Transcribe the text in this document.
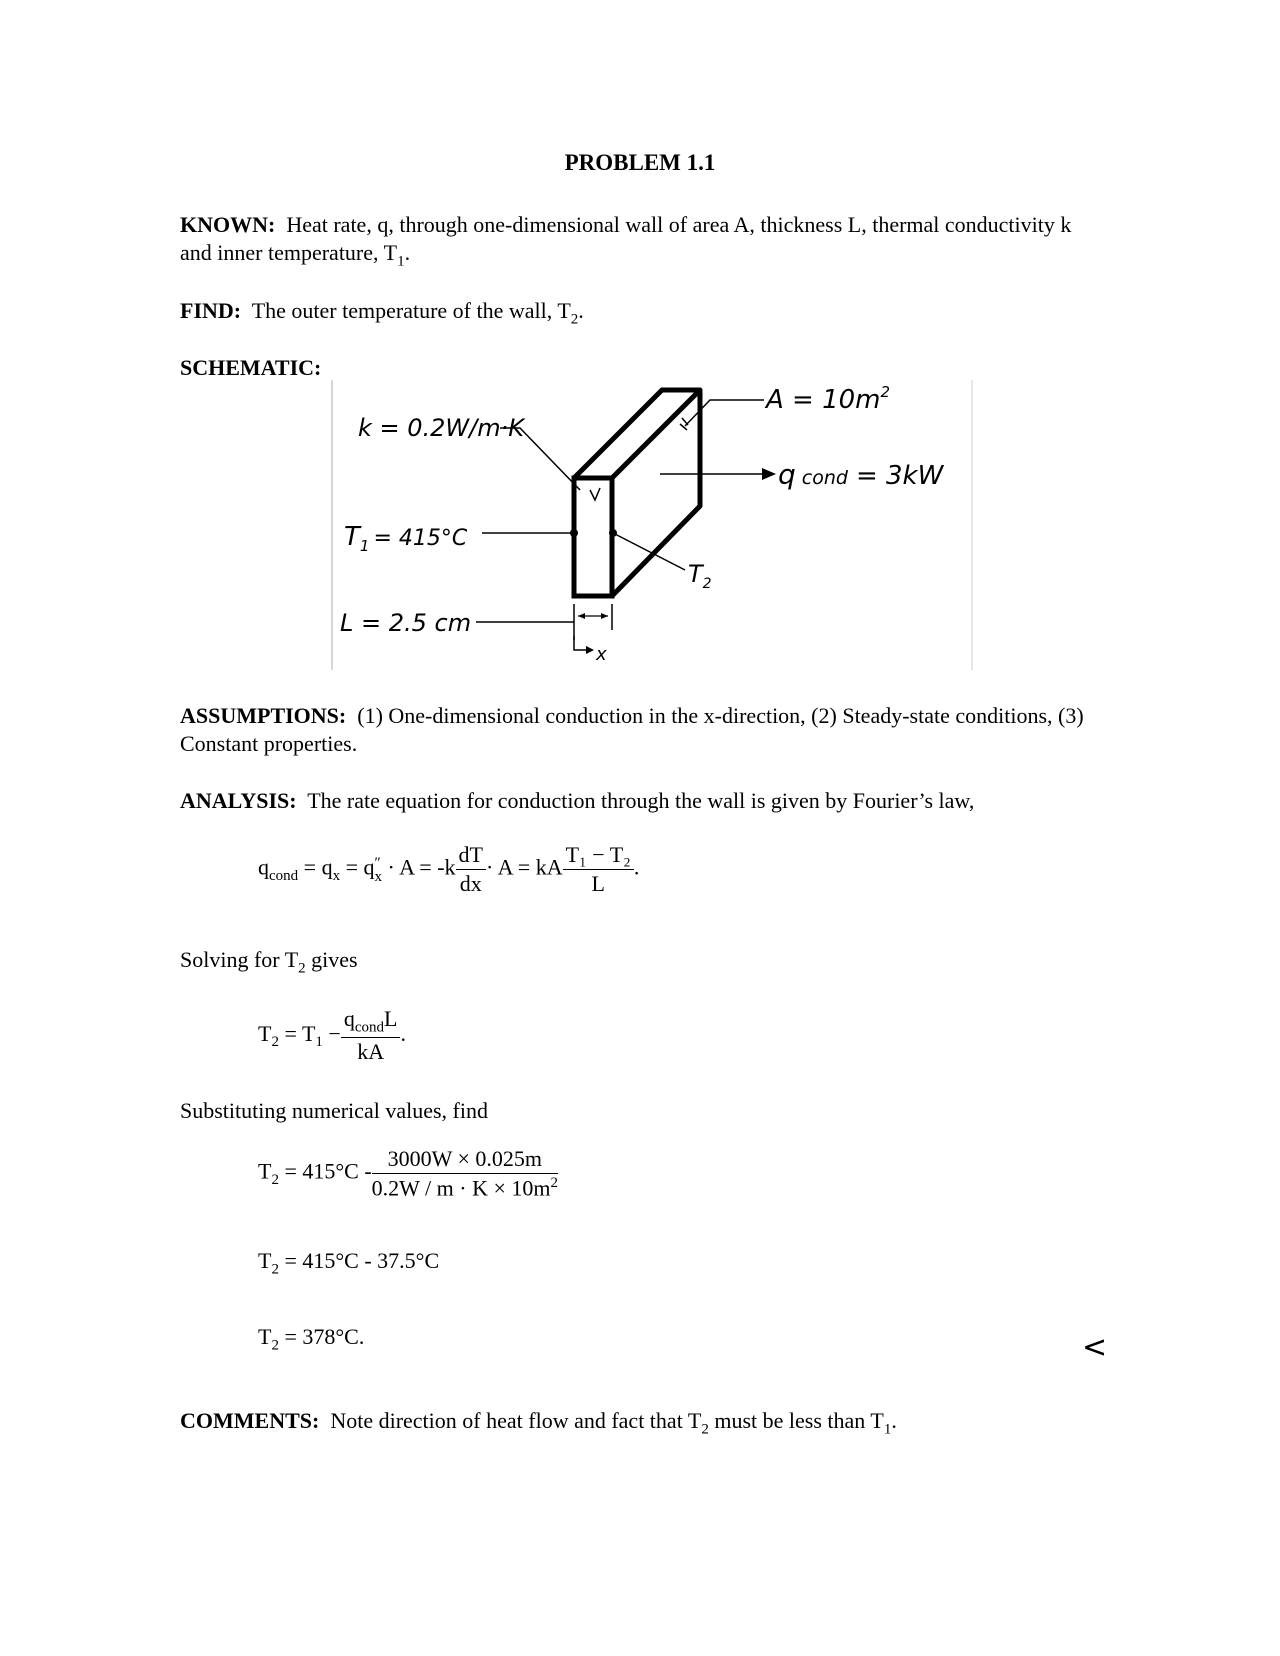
PROBLEM 1.1
KNOWN: Heat rate, q, through one-dimensional wall of area A, thickness L, thermal conductivity k and inner temperature, $T_1$.
FIND: The outer temperature of the wall, $T_2$.
SCHEMATIC:
$A = 10m^2$
q cond = 3kW
k = 0.2W/m·K
$T_1$ $^{= 415^\circ C}$
$T_2$
L = 2.5 cm
x
ASSUMPTIONS: (1) One-dimensional conduction in the x-direction, (2) Steady-state conditions, (3) Constant properties.
ANALYSIS: The rate equation for conduction through the wall is given by Fourier’s law,
$q_{cond} = q_x = q$ ″
$x \cdot A = -k \frac{dT}{dx} \cdot A$ = kA $\frac{\text{T₁ − T₂}}{L}$ .
Solving for $T_2$ gives
$T_2 = T_1 - \frac{q_{cond}L}{kA}$ .
Substituting numerical values, find
$T_2 = 415^\circ C - \frac{3000W \times 0.025m}{0.2W / m \cdot K \times 10m^2}$
$T_2 = 415^\circ C - 37.5^\circ C$
$T_2 = 378^\circ C$.	<
COMMENTS: Note direction of heat flow and fact that $T_2$ must be less than $T_1$.
